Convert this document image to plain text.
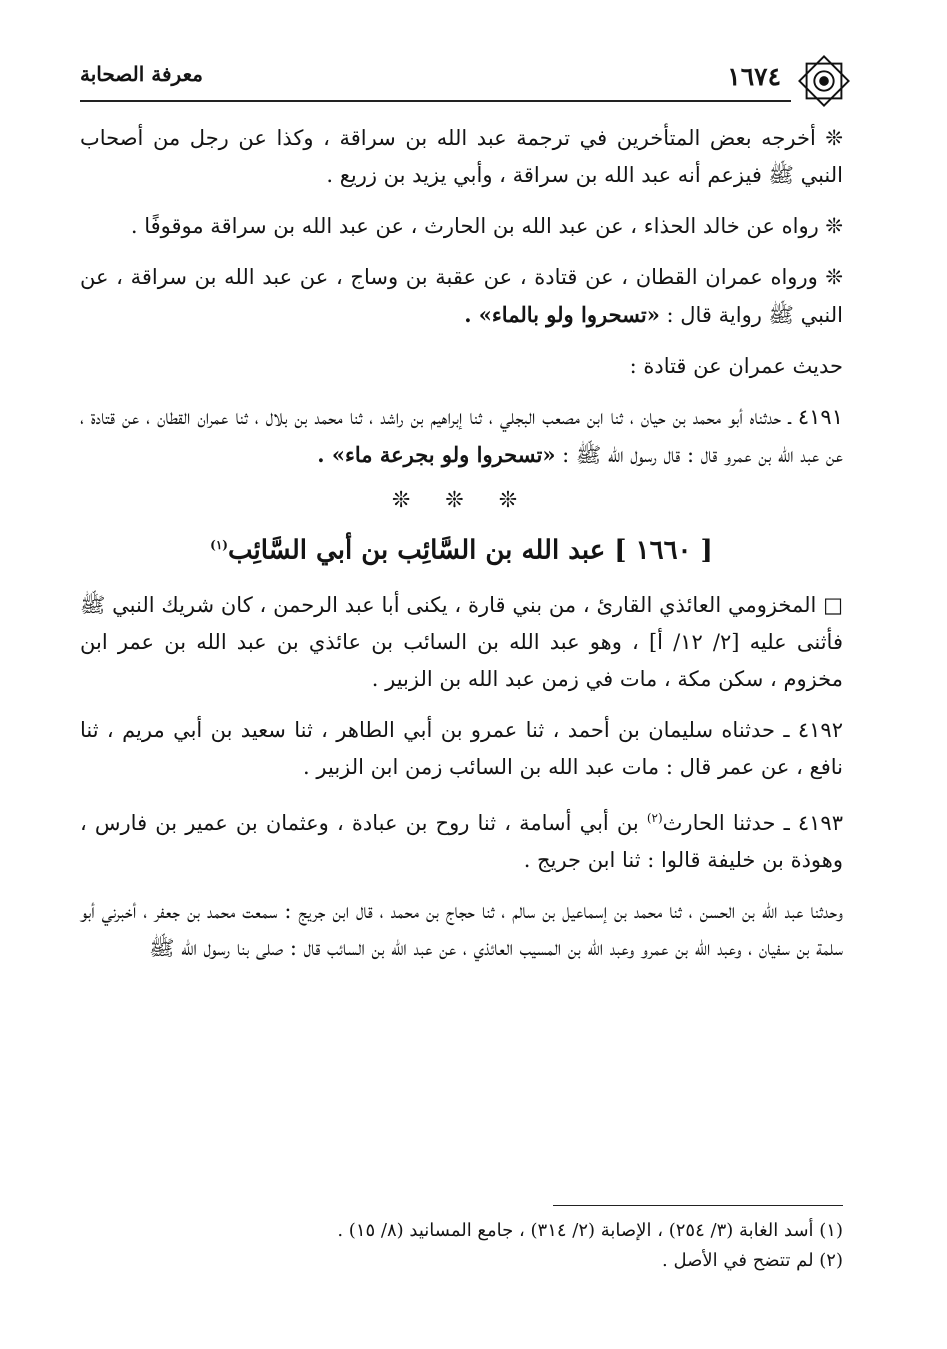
١٦٧٤
معرفة الصحابة

❊ أخرجه بعض المتأخرين في ترجمة عبد الله بن سراقة ، وكذا عن رجل من أصحاب النبي ﷺ فيزعم أنه عبد الله بن سراقة ، وأبي يزيد بن زريع .

❊ رواه عن خالد الحذاء ، عن عبد الله بن الحارث ، عن عبد الله بن سراقة موقوفًا .

❊ ورواه عمران القطان ، عن قتادة ، عن عقبة بن وساج ، عن عبد الله بن سراقة ، عن النبي ﷺ رواية قال : «تسحروا ولو بالماء» .

حديث عمران عن قتادة :

٤١٩١ ـ حدثناه أبو محمد بن حيان ، ثنا ابن مصعب البجلي ، ثنا إبراهيم بن راشد ، ثنا محمد بن بلال ، ثنا عمران القطان ، عن قتادة ، عن عبد الله بن عمرو قال : قال رسول الله ﷺ : «تسحروا ولو بجرعة ماء» .

❊ ❊ ❊
[ ١٦٦٠ ] عبد الله بن السَّائِب بن أبي السَّائِب$^{(١)}$

□ المخزومي العائذي القارئ ، من بني قارة ، يكنى أبا عبد الرحمن ، كان شريك النبي ﷺ فأثنى عليه [٢/ ١٢/ أ] ، وهو عبد الله بن السائب بن عائذي بن عبد الله بن عمر ابن مخزوم ، سكن مكة ، مات في زمن عبد الله بن الزبير .

٤١٩٢ ـ حدثناه سليمان بن أحمد ، ثنا عمرو بن أبي الطاهر ، ثنا سعيد بن أبي مريم ، ثنا نافع ، عن عمر قال : مات عبد الله بن السائب زمن ابن الزبير .

٤١٩٣ ـ حدثنا الحارث$^{(٢)}$ بن أبي أسامة ، ثنا روح بن عبادة ، وعثمان بن عمير بن فارس ، وهوذة بن خليفة قالوا : ثنا ابن جريج .

وحدثنا عبد الله بن الحسن ، ثنا محمد بن إسماعيل بن سالم ، ثنا حجاج بن محمد ، قال ابن جريج : سمعت محمد بن جعفر ، أخبرني أبو سلمة بن سفيان ، وعبد الله بن عمرو وعبد الله بن المسيب العائذي ، عن عبد الله بن السائب قال : صلى بنا رسول الله ﷺ

(١) أسد الغابة (٣/ ٢٥٤) ، الإصابة (٢/ ٣١٤) ، جامع المسانيد (٨/ ١٥) .
(٢) لم تتضح في الأصل .
